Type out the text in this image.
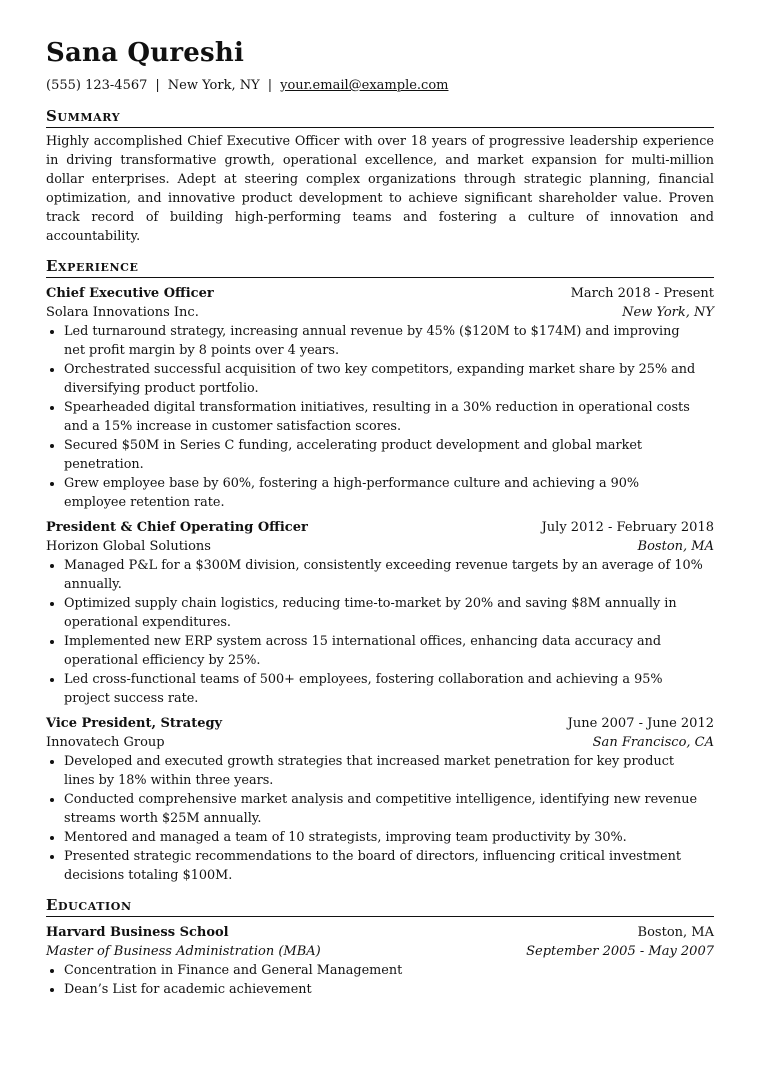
Sana Qureshi
(555) 123-4567 | New York, NY | your.email@example.com
Summary

Highly accomplished Chief Executive Officer with over 18 years of progressive leadership experience in driving transformative growth, operational excellence, and market expansion for multi-million dollar enterprises. Adept at steering complex organizations through strategic planning, financial optimization, and innovative product development to achieve significant shareholder value. Proven track record of building high-performing teams and fostering a culture of innovation and accountability.

Experience
Chief Executive Officer	March 2018 - Present
Solara Innovations Inc.	New York, NY
Led turnaround strategy, increasing annual revenue by 45% ($120M to $174M) and improving net profit margin by 8 points over 4 years.
Orchestrated successful acquisition of two key competitors, expanding market share by 25% and diversifying product portfolio.
Spearheaded digital transformation initiatives, resulting in a 30% reduction in operational costs and a 15% increase in customer satisfaction scores.
Secured $50M in Series C funding, accelerating product development and global market penetration.
Grew employee base by 60%, fostering a high-performance culture and achieving a 90% employee retention rate.
President & Chief Operating Officer	July 2012 - February 2018
Horizon Global Solutions	Boston, MA
Managed P&L for a $300M division, consistently exceeding revenue targets by an average of 10% annually.
Optimized supply chain logistics, reducing time-to-market by 20% and saving $8M annually in operational expenditures.
Implemented new ERP system across 15 international offices, enhancing data accuracy and operational efficiency by 25%.
Led cross-functional teams of 500+ employees, fostering collaboration and achieving a 95% project success rate.
Vice President, Strategy	June 2007 - June 2012
Innovatech Group	San Francisco, CA
Developed and executed growth strategies that increased market penetration for key product lines by 18% within three years.
Conducted comprehensive market analysis and competitive intelligence, identifying new revenue streams worth $25M annually.
Mentored and managed a team of 10 strategists, improving team productivity by 30%.
Presented strategic recommendations to the board of directors, influencing critical investment decisions totaling $100M.
Education
Harvard Business School	Boston, MA
Master of Business Administration (MBA)	September 2005 - May 2007
Concentration in Finance and General Management
Dean’s List for academic achievement
